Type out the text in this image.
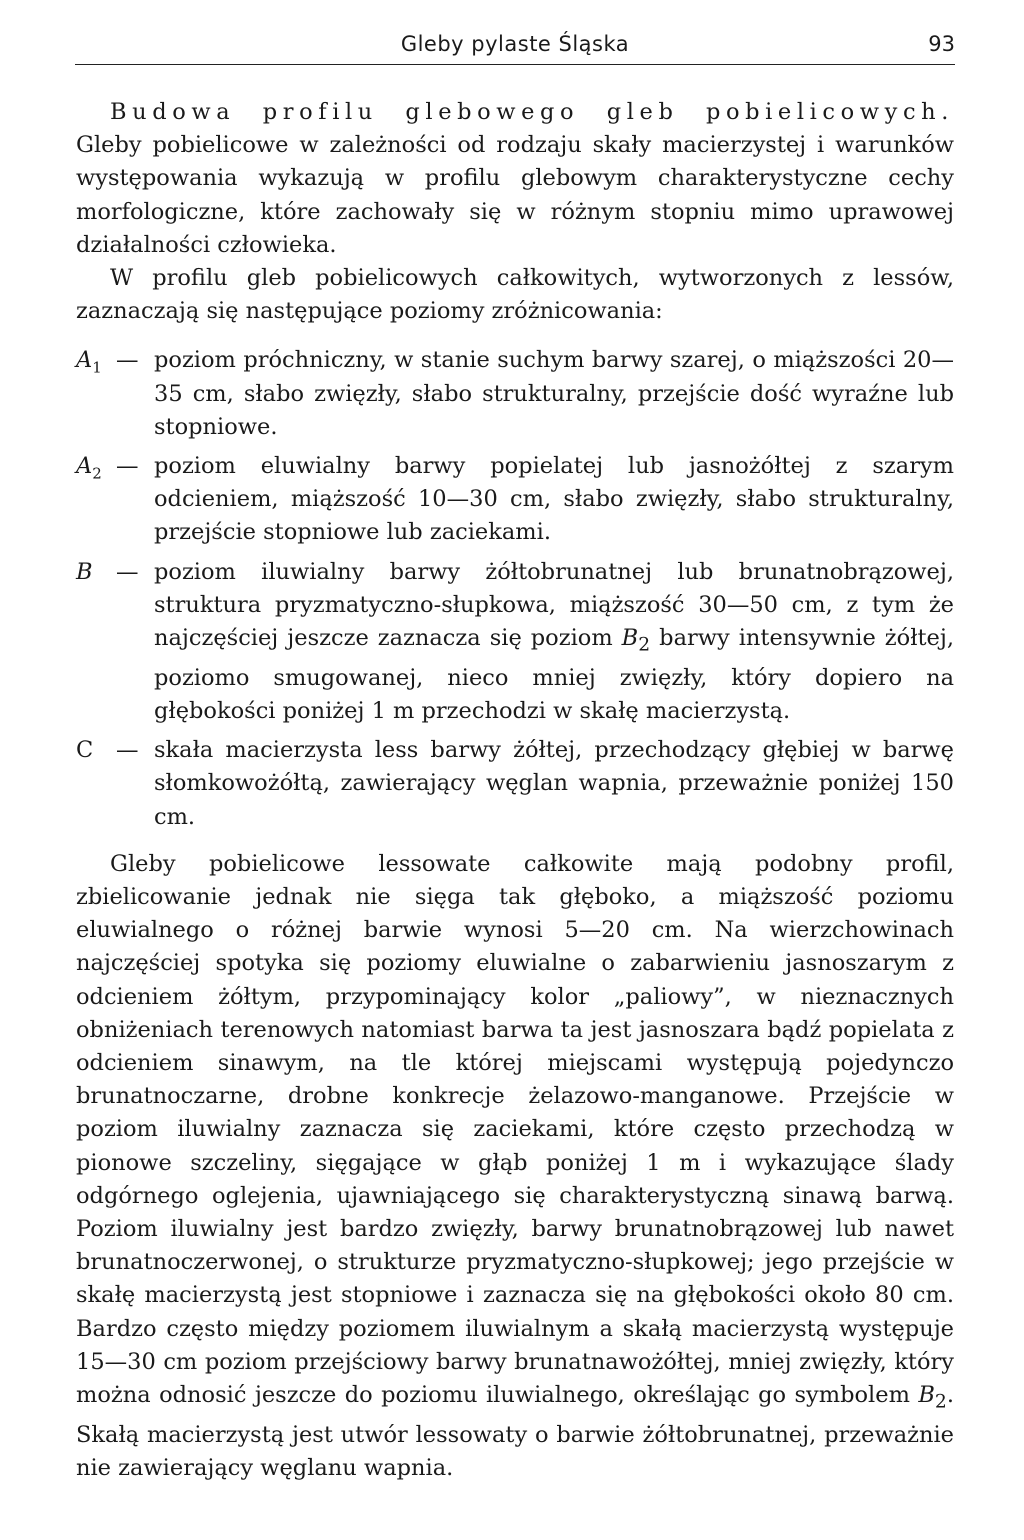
Gleby pylaste Śląska	93

Budowa profilu glebowego gleb pobielicowych. Gleby pobielicowe w zależności od rodzaju skały macierzystej i warunków występowania wykazują w profilu glebowym charakterystyczne cechy morfologiczne, które zachowały się w różnym stopniu mimo uprawowej działalności człowieka.

W profilu gleb pobielicowych całkowitych, wytworzonych z lessów, zaznaczają się następujące poziomy zróżnicowania:

$A_1$ — poziom próchniczny, w stanie suchym barwy szarej, o miąższości 20—35 cm, słabo zwięzły, słabo strukturalny, przejście dość wyraźne lub stopniowe.
$A_2$ — poziom eluwialny barwy popielatej lub jasnożółtej z szarym odcieniem, miąższość 10—30 cm, słabo zwięzły, słabo strukturalny, przejście stopniowe lub zaciekami.
B	— poziom iluwialny barwy żółtobrunatnej lub brunatnobrązowej, struktura pryzmatyczno-słupkowa, miąższość 30—50 cm, z tym że najczęściej jeszcze zaznacza się poziom $B_2$ barwy intensywnie żółtej, poziomo smugowanej, nieco mniej zwięzły, który dopiero na głębokości poniżej 1 m przechodzi w skałę macierzystą.
C	— skała macierzysta less barwy żółtej, przechodzący głębiej w barwę słomkowożółtą, zawierający węglan wapnia, przeważnie poniżej 150 cm.

Gleby pobielicowe lessowate całkowite mają podobny profil, zbielicowanie jednak nie sięga tak głęboko, a miąższość poziomu eluwialnego o różnej barwie wynosi 5—20 cm. Na wierzchowinach najczęściej spotyka się poziomy eluwialne o zabarwieniu jasnoszarym z odcieniem żółtym, przypominający kolor „paliowy”, w nieznacznych obniżeniach terenowych natomiast barwa ta jest jasnoszara bądź popielata z odcieniem sinawym, na tle której miejscami występują pojedynczo brunatnoczarne, drobne konkrecje żelazowo-manganowe. Przejście w poziom iluwialny zaznacza się zaciekami, które często przechodzą w pionowe szczeliny, sięgające w głąb poniżej 1 m i wykazujące ślady odgórnego oglejenia, ujawniającego się charakterystyczną sinawą barwą. Poziom iluwialny jest bardzo zwięzły, barwy brunatnobrązowej lub nawet brunatnoczerwonej, o strukturze pryzmatyczno-słupkowej; jego przejście w skałę macierzystą jest stopniowe i zaznacza się na głębokości około 80 cm. Bardzo często między poziomem iluwialnym a skałą macierzystą występuje 15—30 cm poziom przejściowy barwy brunatnawożółtej, mniej zwięzły, który można odnosić jeszcze do poziomu iluwialnego, określając go symbolem $B_2$. Skałą macierzystą jest utwór lessowaty o barwie żółtobrunatnej, przeważnie nie zawierający węglanu wapnia.
